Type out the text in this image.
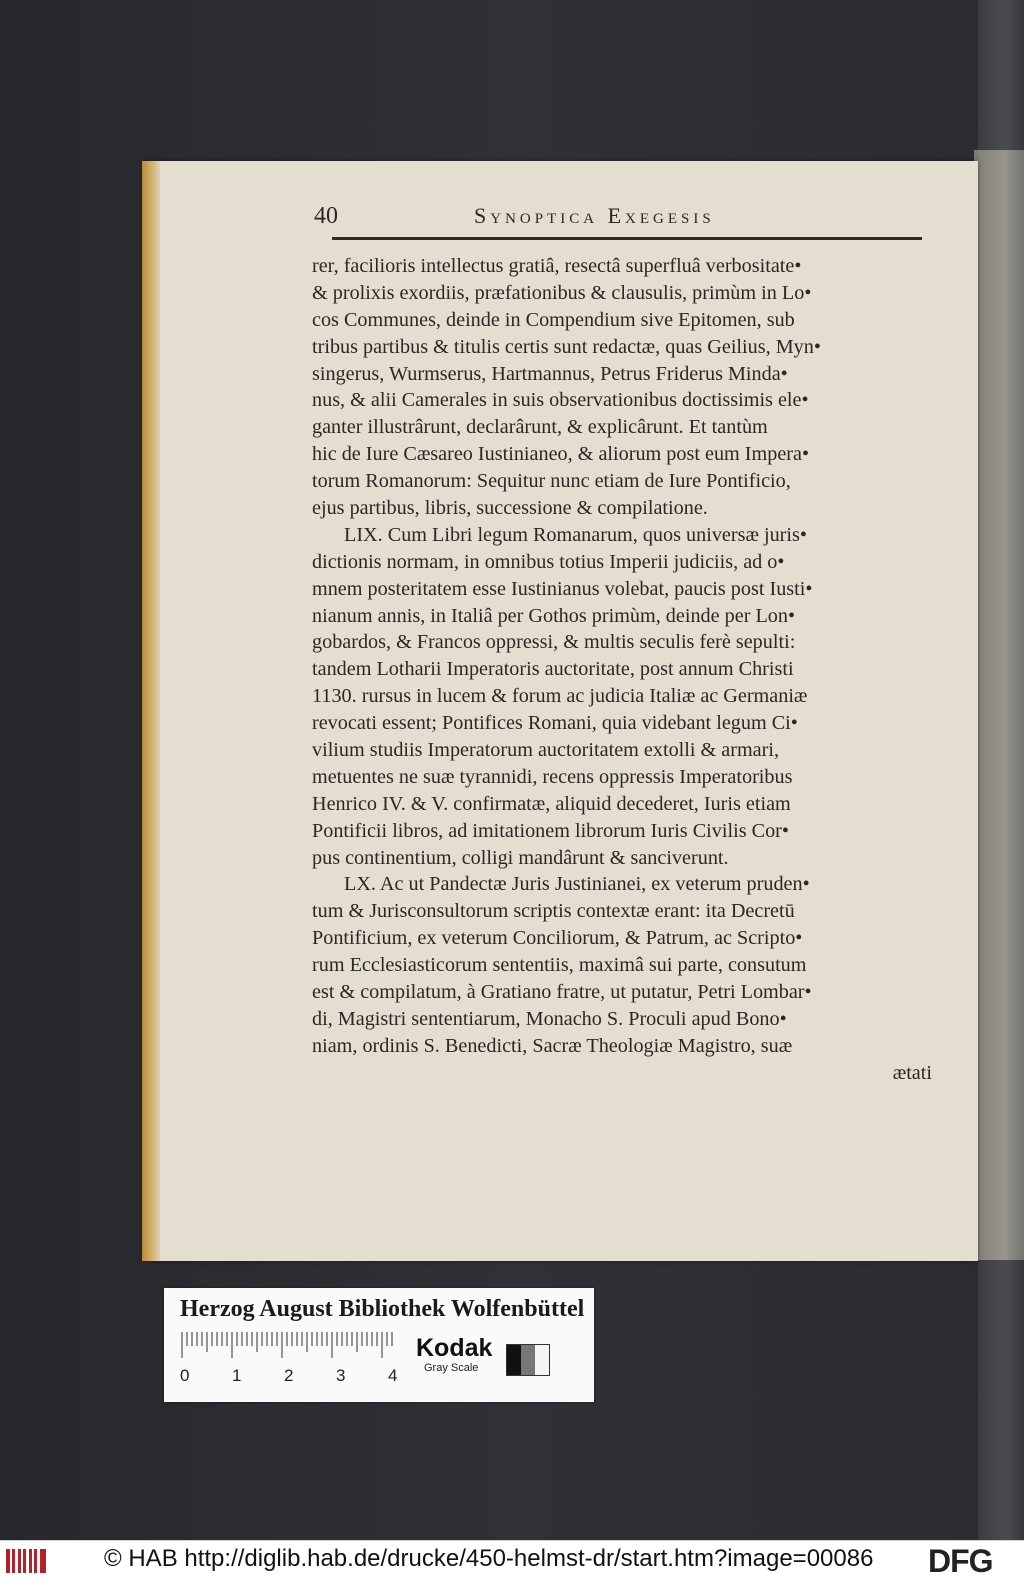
40	Synoptica Exegesis
rer, facilioris intellectus gratiâ, resectâ superfluâ verbositate•
& prolixis exordiis, præfationibus & clausulis, primùm in Lo•
cos Communes, deinde in Compendium sive Epitomen, sub
tribus partibus & titulis certis sunt redactæ, quas Geilius, Myn•
singerus, Wurmserus, Hartmannus, Petrus Friderus Minda•
nus, & alii Camerales in suis observationibus doctissimis ele•
ganter illustrârunt, declarârunt, & explicârunt. Et tantùm
hic de Iure Cæsareo Iustinianeo, & aliorum post eum Impera•
torum Romanorum: Sequitur nunc etiam de Iure Pontificio,
ejus partibus, libris, successione & compilatione.
LIX. Cum Libri legum Romanarum, quos universæ juris•
dictionis normam, in omnibus totius Imperii judiciis, ad o•
mnem posteritatem esse Iustinianus volebat, paucis post Iusti•
nianum annis, in Italiâ per Gothos primùm, deinde per Lon•
gobardos, & Francos oppressi, & multis seculis ferè sepulti:
tandem Lotharii Imperatoris auctoritate, post annum Christi
1130. rursus in lucem & forum ac judicia Italiæ ac Germaniæ
revocati essent; Pontifices Romani, quia videbant legum Ci•
vilium studiis Imperatorum auctoritatem extolli & armari,
metuentes ne suæ tyrannidi, recens oppressis Imperatoribus
Henrico IV. & V. confirmatæ, aliquid decederet, Iuris etiam
Pontificii libros, ad imitationem librorum Iuris Civilis Cor•
pus continentium, colligi mandârunt & sanciverunt.
LX. Ac ut Pandectæ Juris Justinianei, ex veterum pruden•
tum & Jurisconsultorum scriptis contextæ erant: ita Decretū
Pontificium, ex veterum Conciliorum, & Patrum, ac Scripto•
rum Ecclesiasticorum sententiis, maximâ sui parte, consutum
est & compilatum, à Gratiano fratre, ut putatur, Petri Lombar•
di, Magistri sententiarum, Monacho S. Proculi apud Bono•
niam, ordinis S. Benedicti, Sacræ Theologiæ Magistro, suæ
ætati
Herzog August Bibliothek Wolfenbüttel
0	1	2	3	4
Kodak
Gray Scale
© HAB http://diglib.hab.de/drucke/450-helmst-dr/start.htm?image=00086 DFG
